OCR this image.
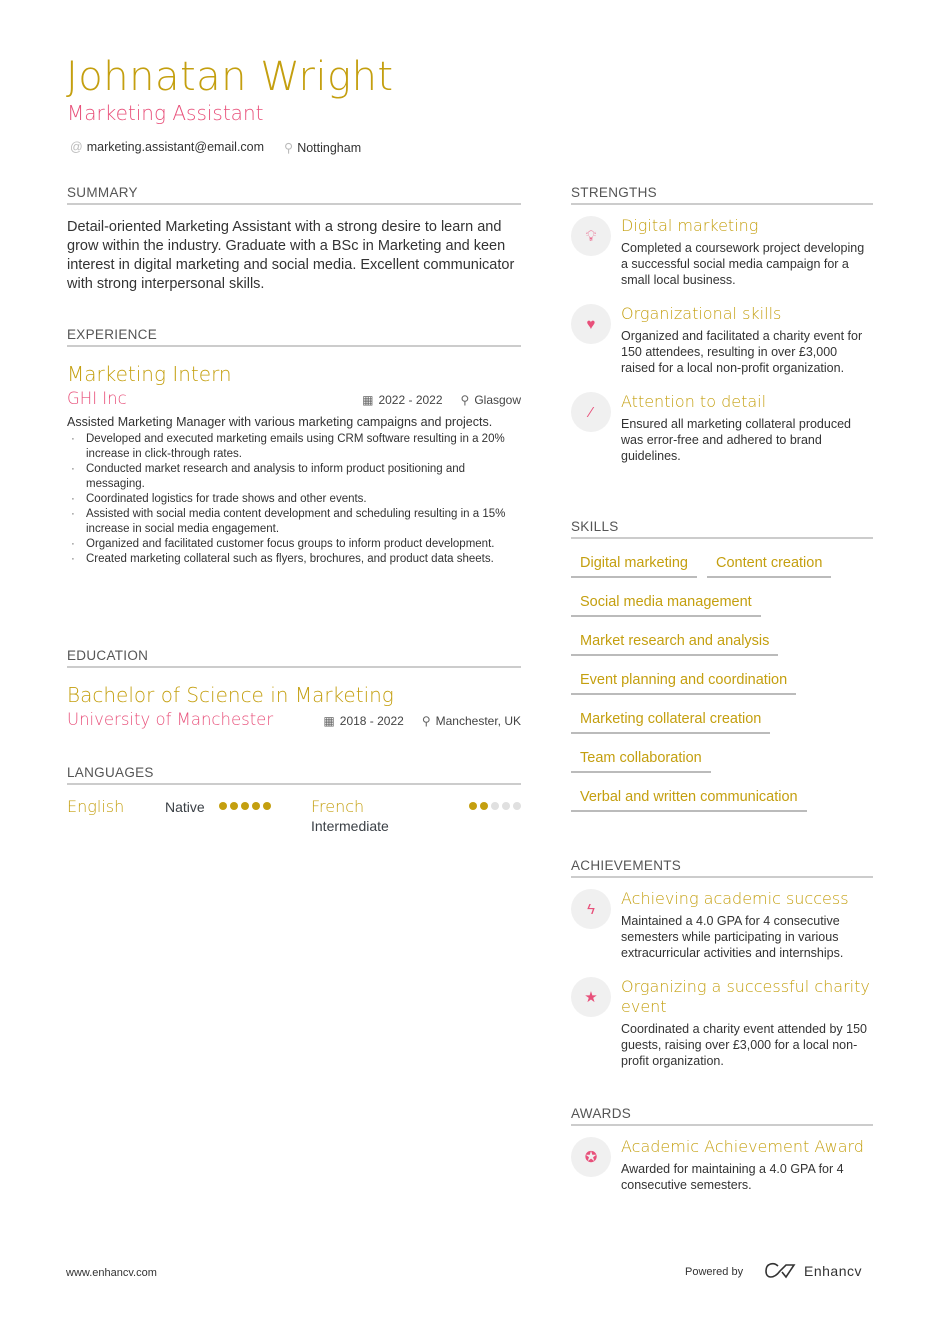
Johnatan Wright
Marketing Assistant
@ marketing.assistant@email.com ⚲ Nottingham
SUMMARY
Detail-oriented Marketing Assistant with a strong desire to learn and grow within the industry. Graduate with a BSc in Marketing and keen interest in digital marketing and social media. Excellent communicator with strong interpersonal skills.
EXPERIENCE
Marketing Intern
GHI Inc	▦ 2022 - 2022 ⚲ Glasgow
Assisted Marketing Manager with various marketing campaigns and projects.
· Developed and executed marketing emails using CRM software resulting in a 20% increase in click-through rates.
· Conducted market research and analysis to inform product positioning and messaging.
· Coordinated logistics for trade shows and other events.
· Assisted with social media content development and scheduling resulting in a 15% increase in social media engagement.
· Organized and facilitated customer focus groups to inform product development.
· Created marketing collateral such as flyers, brochures, and product data sheets.
EDUCATION
Bachelor of Science in Marketing
University of Manchester	▦ 2018 - 2022 ⚲ Manchester, UK
LANGUAGES
English	Native	French
Intermediate
STRENGTHS
💡︎
Digital marketing
Completed a coursework project developing a successful social media campaign for a small local business.
♥
Organizational skills
Organized and facilitated a charity event for 150 attendees, resulting in over £3,000 raised for a local non-profit organization.
⁄
Attention to detail
Ensured all marketing collateral produced was error-free and adhered to brand guidelines.
SKILLS
Digital marketing	Content creation
Social media management
Market research and analysis
Event planning and coordination
Marketing collateral creation
Team collaboration
Verbal and written communication
ACHIEVEMENTS
ϟ
Achieving academic success
Maintained a 4.0 GPA for 4 consecutive semesters while participating in various extracurricular activities and internships.
★
Organizing a successful charity event
Coordinated a charity event attended by 150 guests, raising over £3,000 for a local non-profit organization.
AWARDS
✪
Academic Achievement Award
Awarded for maintaining a 4.0 GPA for 4 consecutive semesters.
www.enhancv.com	Powered by	Enhancv
